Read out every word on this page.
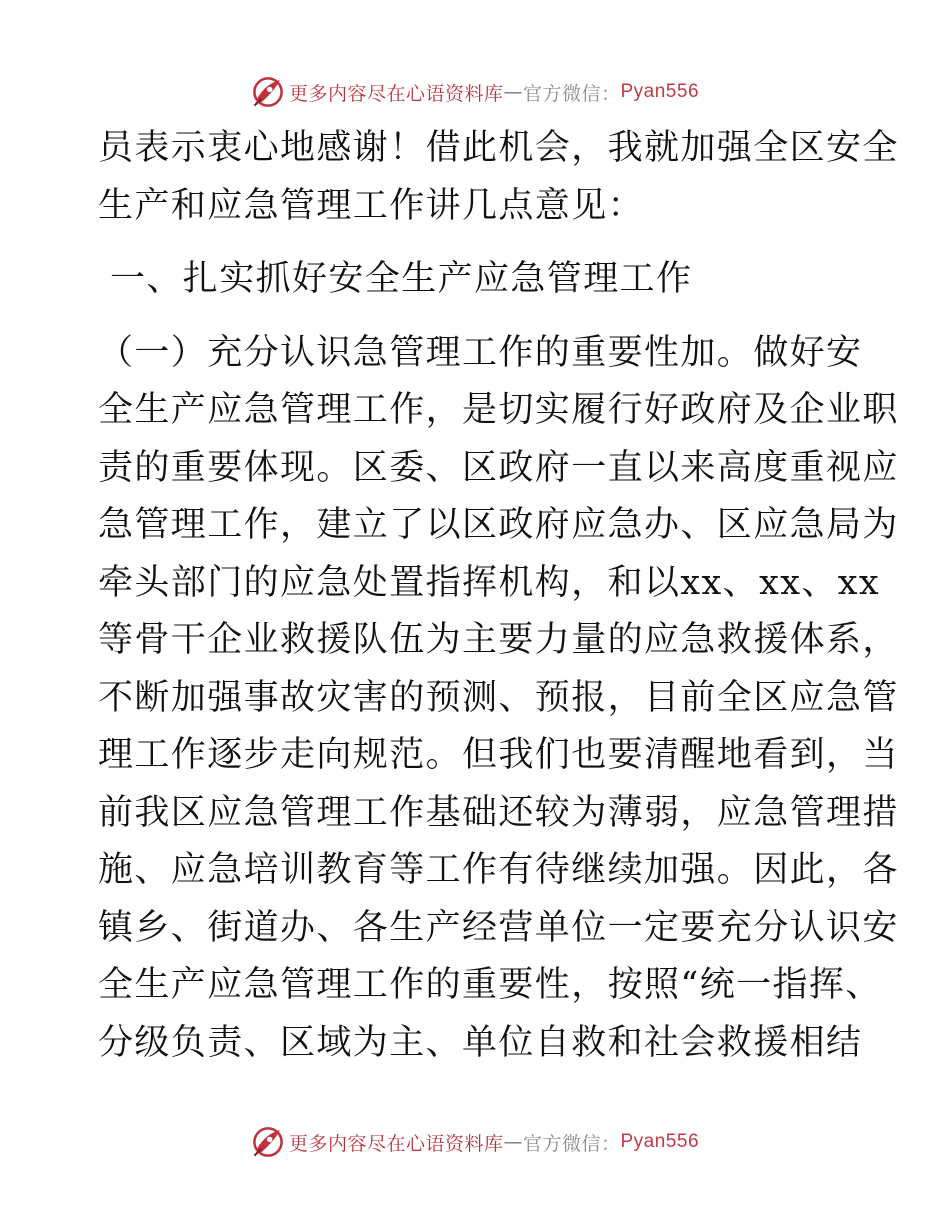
更多内容尽在心语资料库 — 官方微信： Pyan556
员表示衷心地感谢！借此机会，我就加强全区安全
生产和应急管理工作讲几点意见：
一、扎实抓好安全生产应急管理工作
（一）充分认识急管理工作的重要性加。做好安
全生产应急管理工作，是切实履行好政府及企业职
责的重要体现。区委、区政府一直以来高度重视应
急管理工作，建立了以区政府应急办、区应急局为
牵头部门的应急处置指挥机构，和以xx、xx、xx
等骨干企业救援队伍为主要力量的应急救援体系，
不断加强事故灾害的预测、预报，目前全区应急管
理工作逐步走向规范。但我们也要清醒地看到，当
前我区应急管理工作基础还较为薄弱，应急管理措
施、应急培训教育等工作有待继续加强。因此，各
镇乡、街道办、各生产经营单位一定要充分认识安
全生产应急管理工作的重要性，按照“统一指挥、
分级负责、区域为主、单位自救和社会救援相结
更多内容尽在心语资料库 — 官方微信： Pyan556
